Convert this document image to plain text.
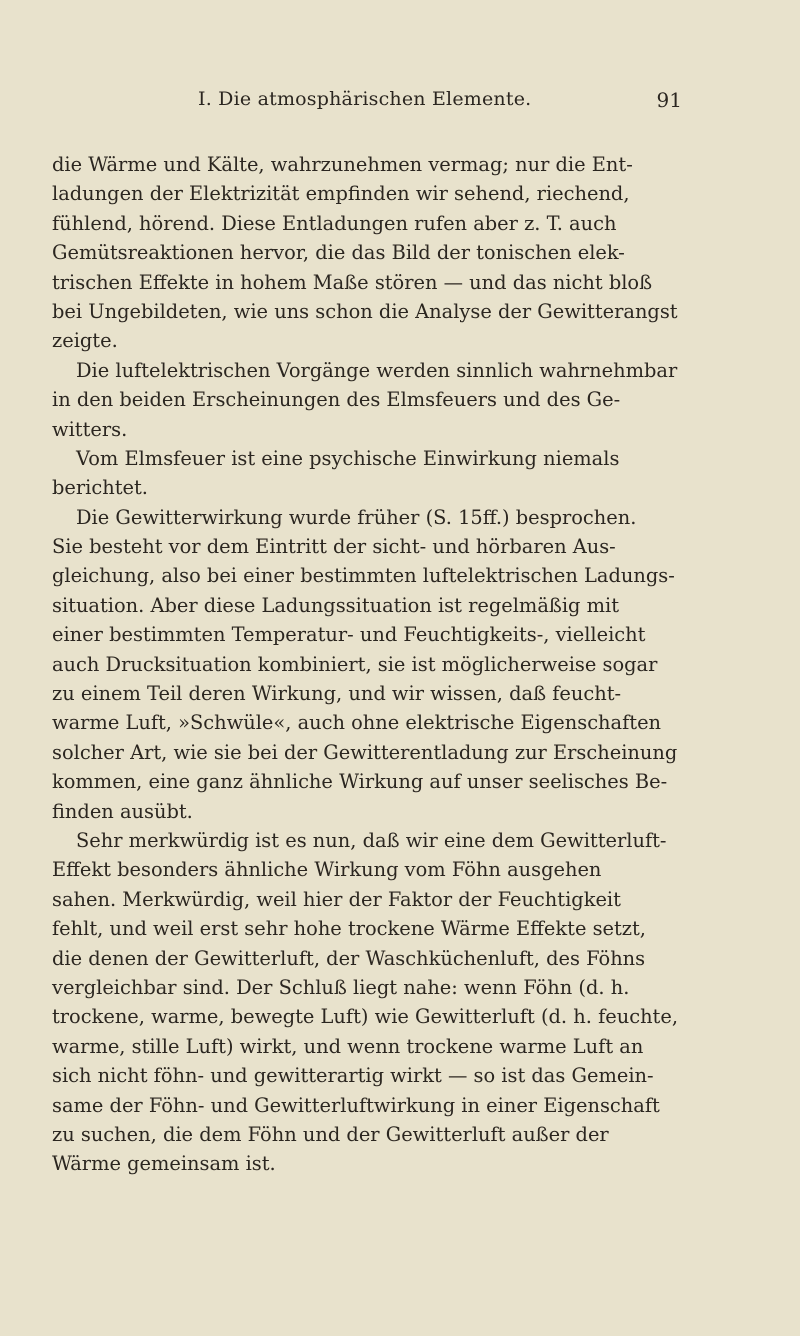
I. Die atmosphärischen Elemente.	91
die Wärme und Kälte, wahrzunehmen vermag; nur die Ent-
ladungen der Elektrizität empfinden wir sehend, riechend,
fühlend, hörend. Diese Entladungen rufen aber z. T. auch
Gemütsreaktionen hervor, die das Bild der tonischen elek-
trischen Effekte in hohem Maße stören — und das nicht bloß
bei Ungebildeten, wie uns schon die Analyse der Gewitterangst
zeigte.
Die luftelektrischen Vorgänge werden sinnlich wahrnehmbar
in den beiden Erscheinungen des Elmsfeuers und des Ge-
witters.
Vom Elmsfeuer ist eine psychische Einwirkung niemals
berichtet.
Die Gewitterwirkung wurde früher (S. 15ff.) besprochen.
Sie besteht vor dem Eintritt der sicht- und hörbaren Aus-
gleichung, also bei einer bestimmten luftelektrischen Ladungs-
situation. Aber diese Ladungssituation ist regelmäßig mit
einer bestimmten Temperatur- und Feuchtigkeits-, vielleicht
auch Drucksituation kombiniert, sie ist möglicherweise sogar
zu einem Teil deren Wirkung, und wir wissen, daß feucht-
warme Luft, »Schwüle«, auch ohne elektrische Eigenschaften
solcher Art, wie sie bei der Gewitterentladung zur Erscheinung
kommen, eine ganz ähnliche Wirkung auf unser seelisches Be-
finden ausübt.
Sehr merkwürdig ist es nun, daß wir eine dem Gewitterluft-
Effekt besonders ähnliche Wirkung vom Föhn ausgehen
sahen. Merkwürdig, weil hier der Faktor der Feuchtigkeit
fehlt, und weil erst sehr hohe trockene Wärme Effekte setzt,
die denen der Gewitterluft, der Waschküchenluft, des Föhns
vergleichbar sind. Der Schluß liegt nahe: wenn Föhn (d. h.
trockene, warme, bewegte Luft) wie Gewitterluft (d. h. feuchte,
warme, stille Luft) wirkt, und wenn trockene warme Luft an
sich nicht föhn- und gewitterartig wirkt — so ist das Gemein-
same der Föhn- und Gewitterluftwirkung in einer Eigenschaft
zu suchen, die dem Föhn und der Gewitterluft außer der
Wärme gemeinsam ist.
